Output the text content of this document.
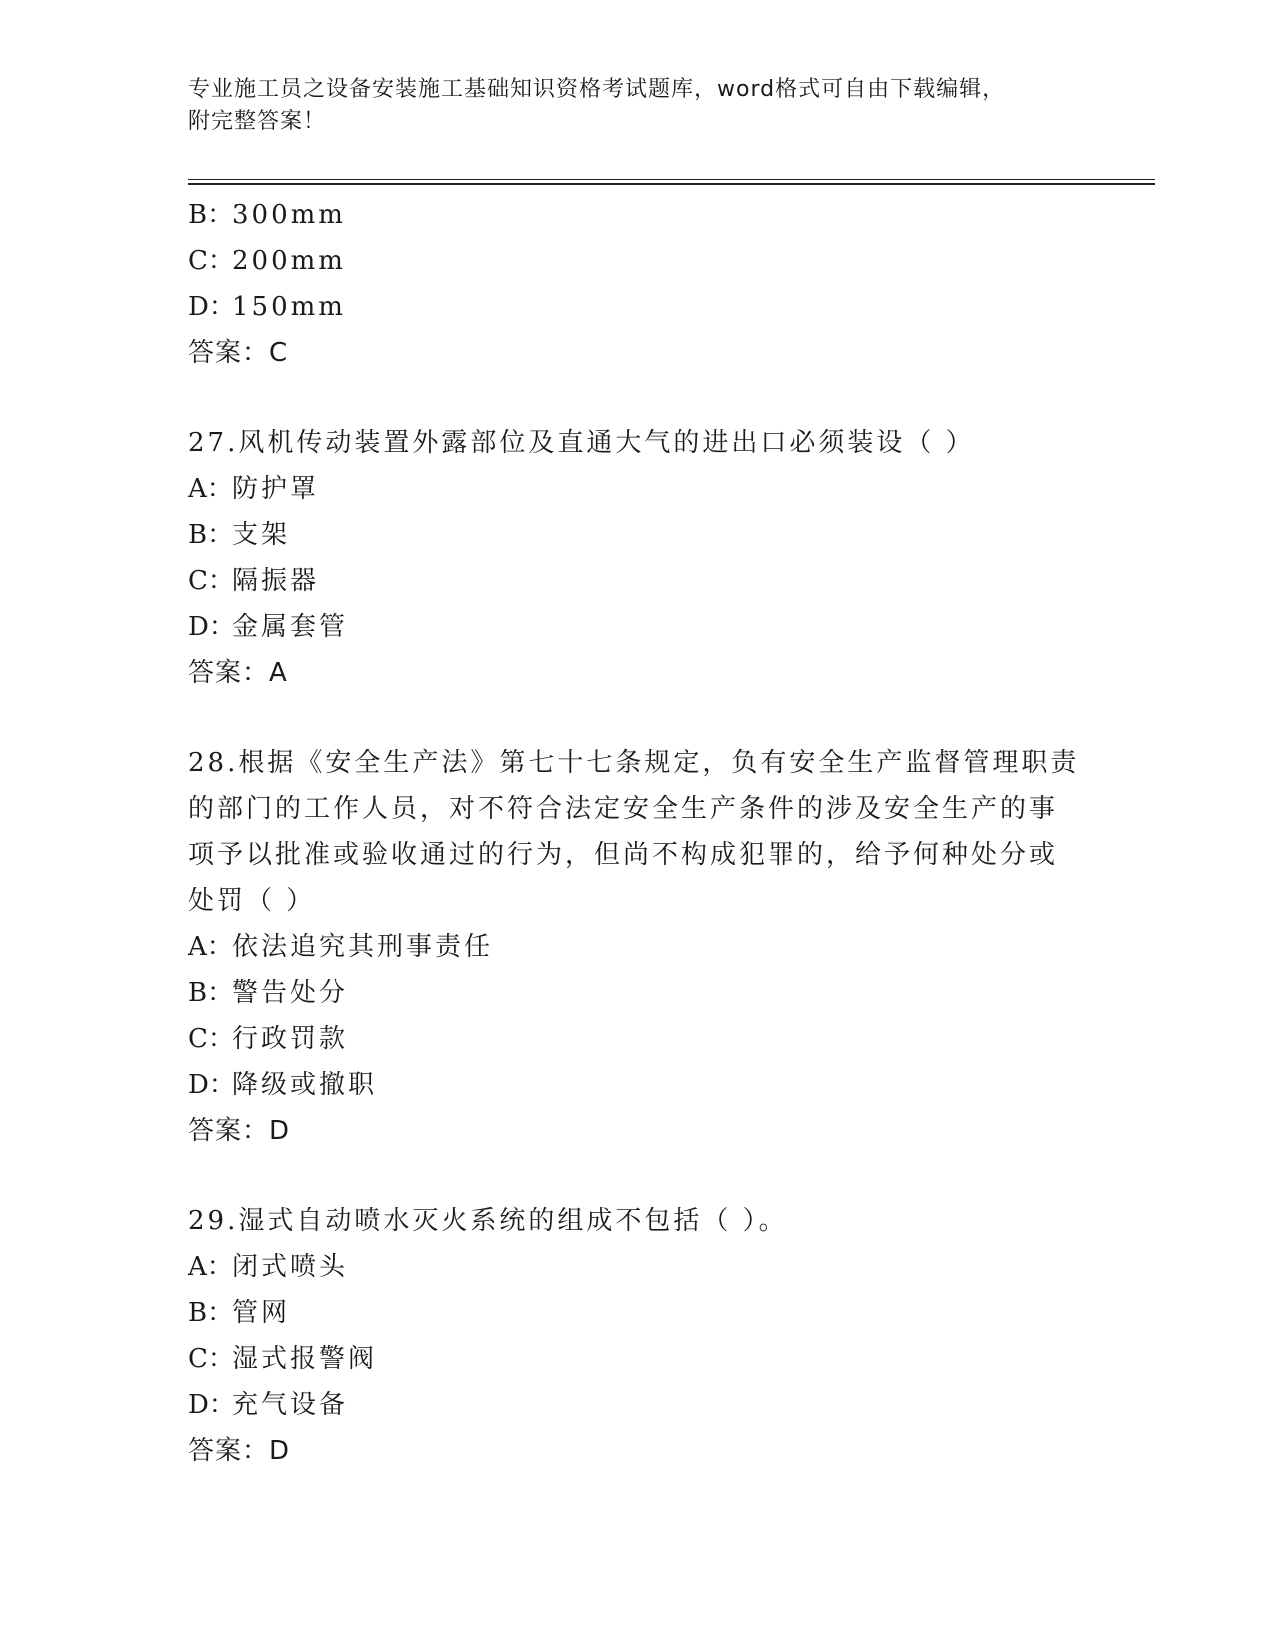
专业施工员之设备安装施工基础知识资格考试题库，word格式可自由下载编辑，
附完整答案！
B：300mm
C：200mm
D：150mm
答案：C
27.风机传动装置外露部位及直通大气的进出口必须装设（ ）
A：防护罩
B：支架
C：隔振器
D：金属套管
答案：A
28.根据《安全生产法》第七十七条规定，负有安全生产监督管理职责
的部门的工作人员，对不符合法定安全生产条件的涉及安全生产的事
项予以批准或验收通过的行为，但尚不构成犯罪的，给予何种处分或
处罚（ ）
A：依法追究其刑事责任
B：警告处分
C：行政罚款
D：降级或撤职
答案：D
29.湿式自动喷水灭火系统的组成不包括（ ）。
A：闭式喷头
B：管网
C：湿式报警阀
D：充气设备
答案：D
